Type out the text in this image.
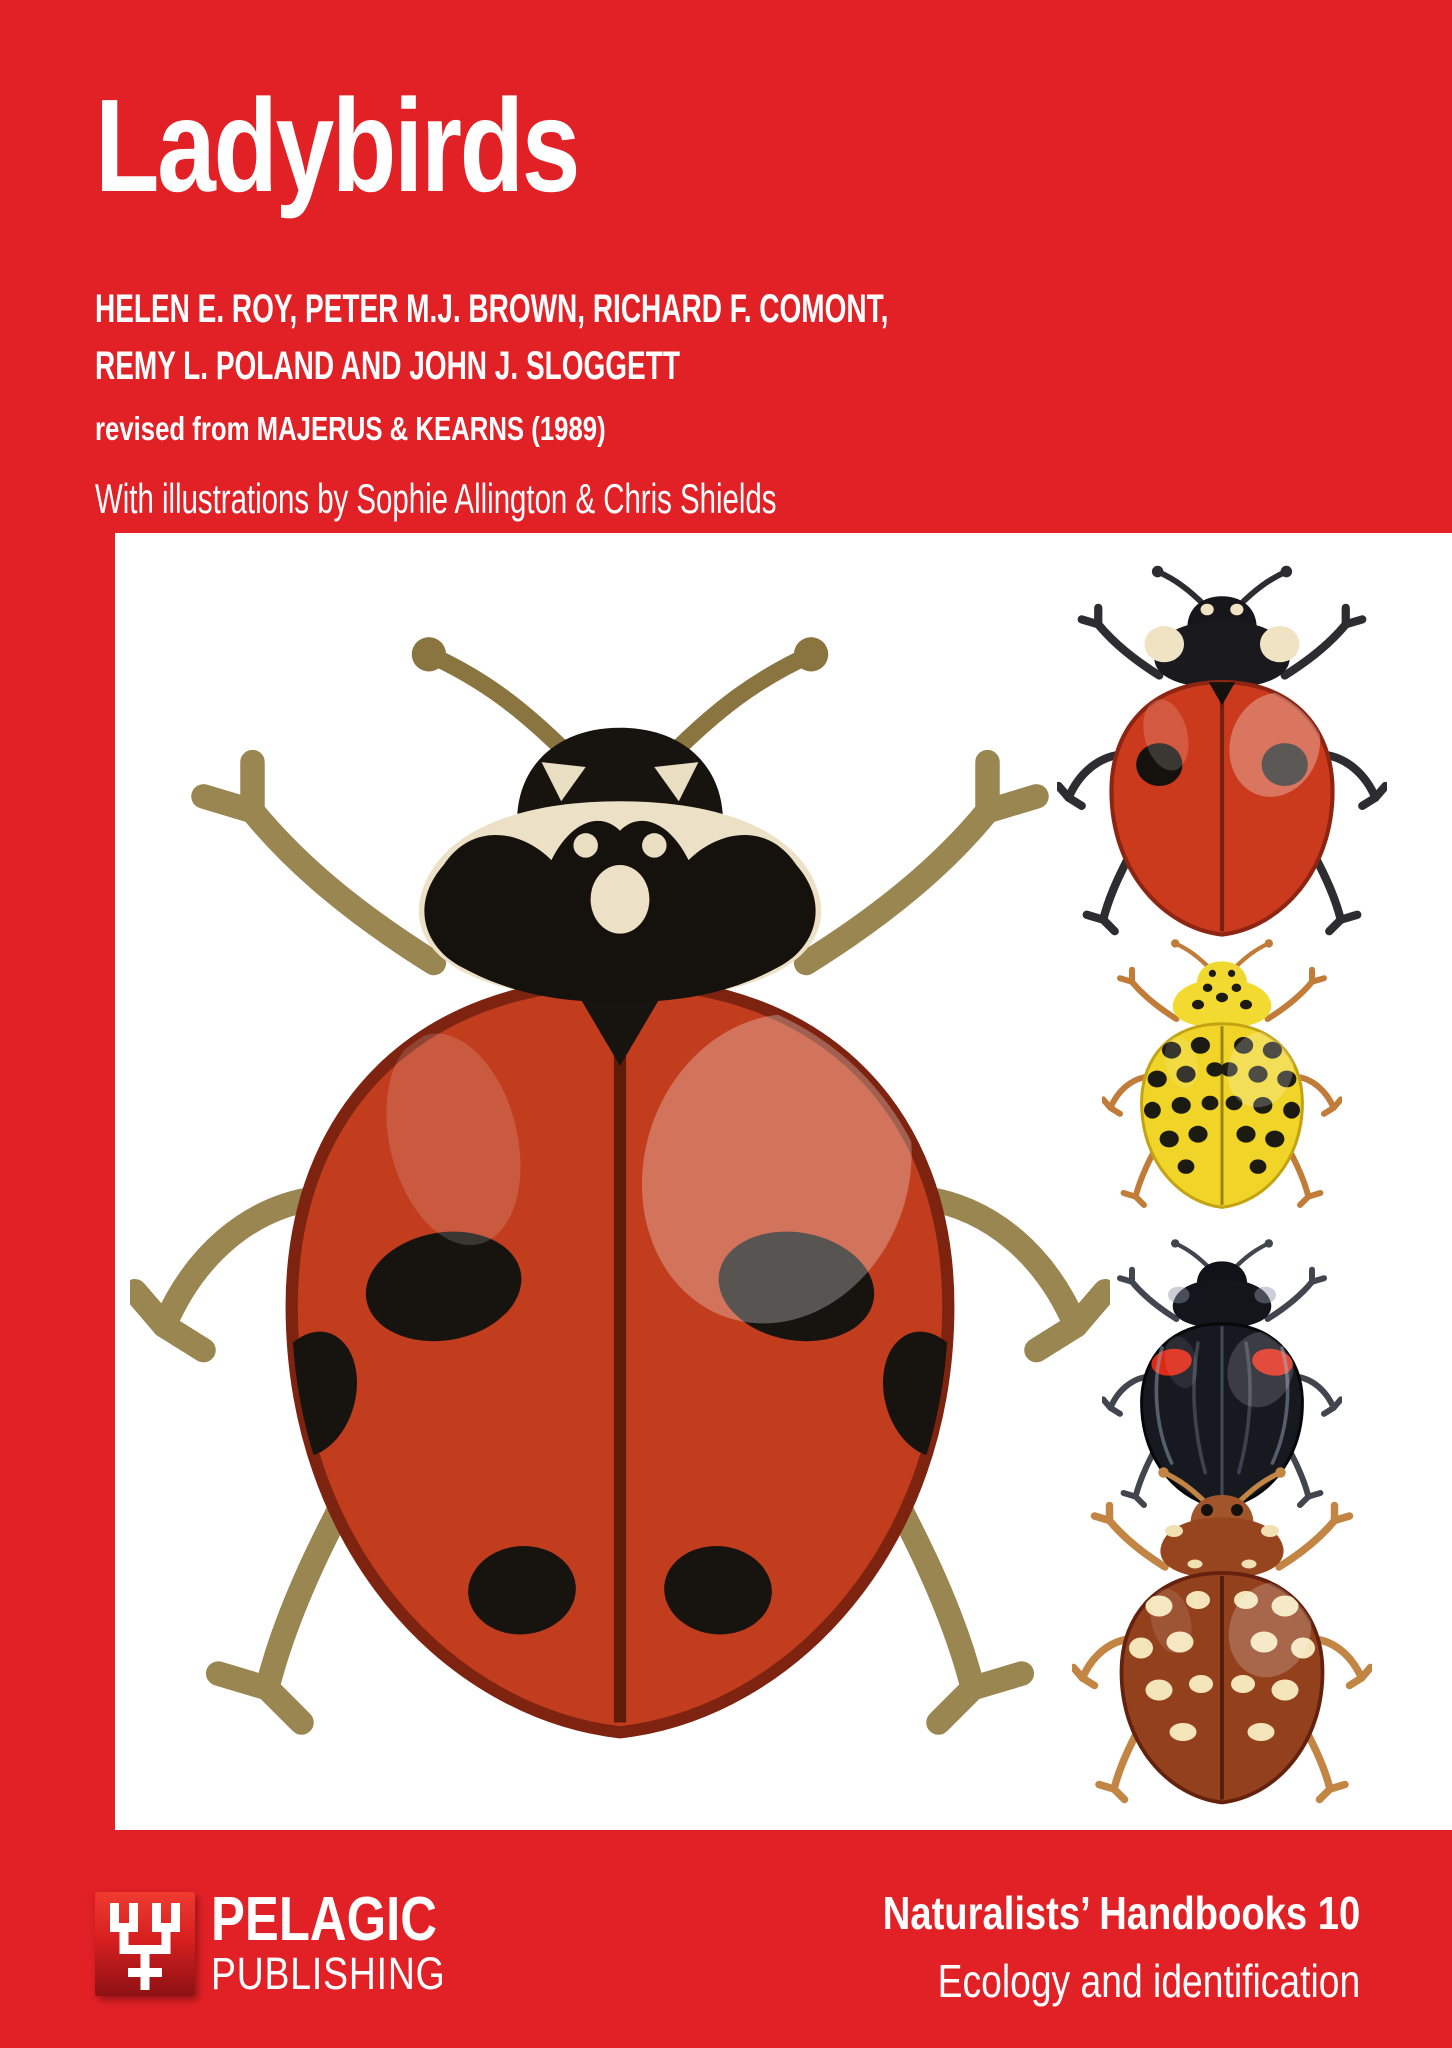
Ladybirds
HELEN E. ROY, PETER M.J. BROWN, RICHARD F. COMONT,
REMY L. POLAND AND JOHN J. SLOGGETT
revised from MAJERUS & KEARNS (1989)
With illustrations by Sophie Allington & Chris Shields
PELAGIC
PUBLISHING
Naturalists’ Handbooks 10
Ecology and identification
